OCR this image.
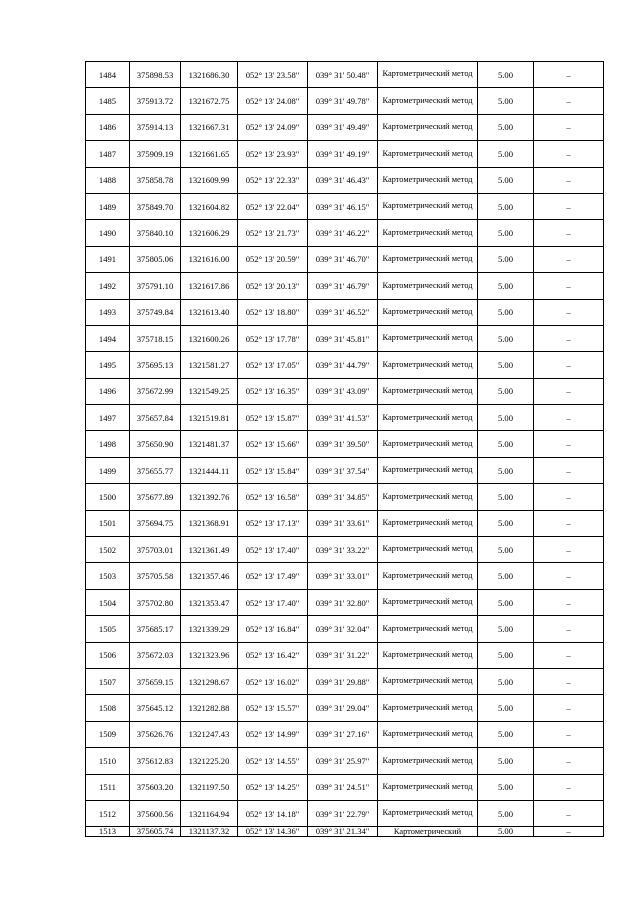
1484	375898.53	1321686.30	052° 13' 23.58"	039° 31' 50.48"	Картометрический метод	5.00	–
1485	375913.72	1321672.75	052° 13' 24.08"	039° 31' 49.78"	Картометрический метод	5.00	–
1486	375914.13	1321667.31	052° 13' 24.09"	039° 31' 49.49"	Картометрический метод	5.00	–
1487	375909.19	1321661.65	052° 13' 23.93"	039° 31' 49.19"	Картометрический метод	5.00	–
1488	375858.78	1321609.99	052° 13' 22.33"	039° 31' 46.43"	Картометрический метод	5.00	–
1489	375849.70	1321604.82	052° 13' 22.04"	039° 31' 46.15"	Картометрический метод	5.00	–
1490	375840.10	1321606.29	052° 13' 21.73"	039° 31' 46.22"	Картометрический метод	5.00	–
1491	375805.06	1321616.00	052° 13' 20.59"	039° 31' 46.70"	Картометрический метод	5.00	–
1492	375791.10	1321617.86	052° 13' 20.13"	039° 31' 46.79"	Картометрический метод	5.00	–
1493	375749.84	1321613.40	052° 13' 18.80"	039° 31' 46.52"	Картометрический метод	5.00	–
1494	375718.15	1321600.26	052° 13' 17.78"	039° 31' 45.81"	Картометрический метод	5.00	–
1495	375695.13	1321581.27	052° 13' 17.05"	039° 31' 44.79"	Картометрический метод	5.00	–
1496	375672.99	1321549.25	052° 13' 16.35"	039° 31' 43.09"	Картометрический метод	5.00	–
1497	375657.84	1321519.81	052° 13' 15.87"	039° 31' 41.53"	Картометрический метод	5.00	–
1498	375650.90	1321481.37	052° 13' 15.66"	039° 31' 39.50"	Картометрический метод	5.00	–
1499	375655.77	1321444.11	052° 13' 15.84"	039° 31' 37.54"	Картометрический метод	5.00	–
1500	375677.89	1321392.76	052° 13' 16.58"	039° 31' 34.85"	Картометрический метод	5.00	–
1501	375694.75	1321368.91	052° 13' 17.13"	039° 31' 33.61"	Картометрический метод	5.00	–
1502	375703.01	1321361.49	052° 13' 17.40"	039° 31' 33.22"	Картометрический метод	5.00	–
1503	375705.58	1321357.46	052° 13' 17.49"	039° 31' 33.01"	Картометрический метод	5.00	–
1504	375702.80	1321353.47	052° 13' 17.40"	039° 31' 32.80"	Картометрический метод	5.00	–
1505	375685.17	1321339.29	052° 13' 16.84"	039° 31' 32.04"	Картометрический метод	5.00	–
1506	375672.03	1321323.96	052° 13' 16.42"	039° 31' 31.22"	Картометрический метод	5.00	–
1507	375659.15	1321298.67	052° 13' 16.02"	039° 31' 29.88"	Картометрический метод	5.00	–
1508	375645.12	1321282.88	052° 13' 15.57"	039° 31' 29.04"	Картометрический метод	5.00	–
1509	375626.76	1321247.43	052° 13' 14.99"	039° 31' 27.16"	Картометрический метод	5.00	–
1510	375612.83	1321225.20	052° 13' 14.55"	039° 31' 25.97"	Картометрический метод	5.00	–
1511	375603.20	1321197.50	052° 13' 14.25"	039° 31' 24.51"	Картометрический метод	5.00	–
1512	375600.56	1321164.94	052° 13' 14.18"	039° 31' 22.79"	Картометрический метод	5.00	–
1513	375605.74	1321137.32	052° 13' 14.36"	039° 31' 21.34"	Картометрический	5.00	–
